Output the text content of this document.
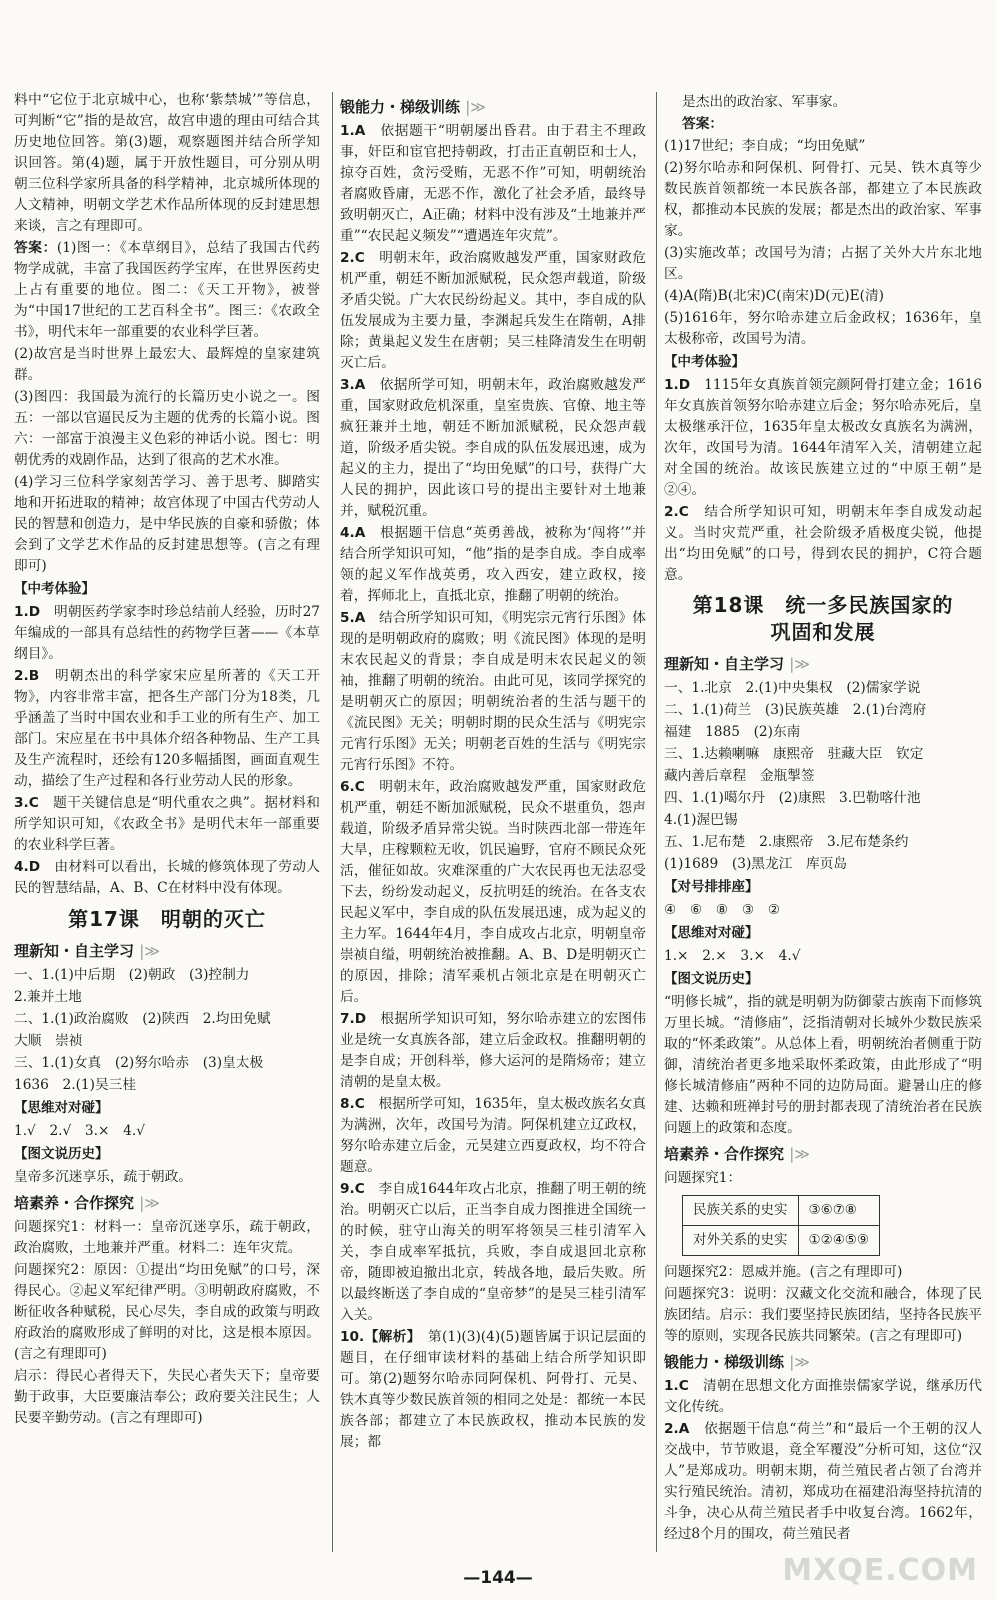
料中“它位于北京城中心，也称‘紫禁城’”等信息，可判断“它”指的是故宫，故宫申遗的理由可结合其历史地位回答。第(3)题，观察题图并结合所学知识回答。第(4)题，属于开放性题目，可分别从明朝三位科学家所具备的科学精神，北京城所体现的人文精神，明朝文学艺术作品所体现的反封建思想来谈，言之有理即可。

答案：(1)图一：《本草纲目》，总结了我国古代药物学成就，丰富了我国医药学宝库，在世界医药史上占有重要的地位。图二：《天工开物》，被誉为“中国17世纪的工艺百科全书”。图三：《农政全书》，明代末年一部重要的农业科学巨著。

(2)故宫是当时世界上最宏大、最辉煌的皇家建筑群。

(3)图四：我国最为流行的长篇历史小说之一。图五：一部以官逼民反为主题的优秀的长篇小说。图六：一部富于浪漫主义色彩的神话小说。图七：明朝优秀的戏剧作品，达到了很高的艺术水准。

(4)学习三位科学家刻苦学习、善于思考、脚踏实地和开拓进取的精神；故宫体现了中国古代劳动人民的智慧和创造力，是中华民族的自豪和骄傲；体会到了文学艺术作品的反封建思想等。(言之有理即可)

【中考体验】

1.D　明朝医药学家李时珍总结前人经验，历时27年编成的一部具有总结性的药物学巨著——《本草纲目》。

2.B　明朝杰出的科学家宋应星所著的《天工开物》，内容非常丰富，把各生产部门分为18类，几乎涵盖了当时中国农业和手工业的所有生产、加工部门。宋应星在书中具体介绍各种物品、生产工具及生产流程时，还绘有120多幅插图，画面直观生动，描绘了生产过程和各行业劳动人民的形象。

3.C　题干关键信息是“明代重农之典”。据材料和所学知识可知，《农政全书》是明代末年一部重要的农业科学巨著。

4.D　由材料可以看出，长城的修筑体现了劳动人民的智慧结晶，A、B、C在材料中没有体现。

第17课　明朝的灭亡
理新知・自主学习 |≫

一、1.(1)中后期　(2)朝政　(3)控制力

2.兼并土地

二、1.(1)政治腐败　(2)陕西　2.均田免赋

大顺　崇祯

三、1.(1)女真　(2)努尔哈赤　(3)皇太极

1636　2.(1)吴三桂

【思维对对碰】

1.√　2.√　3.×　4.√

【图文说历史】

皇帝多沉迷享乐，疏于朝政。

培素养・合作探究 |≫

问题探究1：材料一：皇帝沉迷享乐，疏于朝政，政治腐败，土地兼并严重。材料二：连年灾荒。

问题探究2：原因：①提出“均田免赋”的口号，深得民心。②起义军纪律严明。③明朝政府腐败，不断征收各种赋税，民心尽失，李自成的政策与明政府政治的腐败形成了鲜明的对比，这是根本原因。(言之有理即可)

启示：得民心者得天下，失民心者失天下；皇帝要勤于政事，大臣要廉洁奉公；政府要关注民生；人民要辛勤劳动。(言之有理即可)

锻能力・梯级训练 |≫

1.A　依据题干“明朝屡出昏君。由于君主不理政事，奸臣和宦官把持朝政，打击正直朝臣和士人，掠夺百姓，贪污受贿，无恶不作”可知，明朝统治者腐败昏庸，无恶不作，激化了社会矛盾，最终导致明朝灭亡，A正确；材料中没有涉及“土地兼并严重”“农民起义频发”“遭遇连年灾荒”。

2.C　明朝末年，政治腐败越发严重，国家财政危机严重，朝廷不断加派赋税，民众怨声载道，阶级矛盾尖锐。广大农民纷纷起义。其中，李自成的队伍发展成为主要力量，李渊起兵发生在隋朝，A排除；黄巢起义发生在唐朝；吴三桂降清发生在明朝灭亡后。

3.A　依据所学可知，明朝末年，政治腐败越发严重，国家财政危机深重，皇室贵族、官僚、地主等疯狂兼并土地，朝廷不断加派赋税，民众怨声载道，阶级矛盾尖锐。李自成的队伍发展迅速，成为起义的主力，提出了“均田免赋”的口号，获得广大人民的拥护，因此该口号的提出主要针对土地兼并，赋税沉重。

4.A　根据题干信息“英勇善战，被称为‘闯将’”并结合所学知识可知，“他”指的是李自成。李自成率领的起义军作战英勇，攻入西安，建立政权，接着，挥师北上，直抵北京，推翻了明朝的统治。

5.A　结合所学知识可知，《明宪宗元宵行乐图》体现的是明朝政府的腐败；明《流民图》体现的是明末农民起义的背景；李自成是明末农民起义的领袖，推翻了明朝的统治。由此可见，该同学探究的是明朝灭亡的原因；明朝统治者的生活与题干的《流民图》无关；明朝时期的民众生活与《明宪宗元宵行乐图》无关；明朝老百姓的生活与《明宪宗元宵行乐图》不符。

6.C　明朝末年，政治腐败越发严重，国家财政危机严重，朝廷不断加派赋税，民众不堪重负，怨声载道，阶级矛盾异常尖锐。当时陕西北部一带连年大旱，庄稼颗粒无收，饥民遍野，官府不顾民众死活，催征如故。灾难深重的广大农民再也无法忍受下去，纷纷发动起义，反抗明廷的统治。在各支农民起义军中，李自成的队伍发展迅速，成为起义的主力军。1644年4月，李自成攻占北京，明朝皇帝崇祯自缢，明朝统治被推翻。A、B、D是明朝灭亡的原因，排除；清军乘机占领北京是在明朝灭亡后。

7.D　根据所学知识可知，努尔哈赤建立的宏图伟业是统一女真族各部，建立后金政权。推翻明朝的是李自成；开创科举，修大运河的是隋炀帝；建立清朝的是皇太极。

8.C　根据所学可知，1635年，皇太极改族名女真为满洲，次年，改国号为清。阿保机建立辽政权，努尔哈赤建立后金，元昊建立西夏政权，均不符合题意。

9.C　李自成1644年攻占北京，推翻了明王朝的统治。明朝灭亡以后，正当李自成力图推进全国统一的时候，驻守山海关的明军将领吴三桂引清军入关，李自成率军抵抗，兵败，李自成退回北京称帝，随即被迫撤出北京，转战各地，最后失败。所以最终断送了李自成的“皇帝梦”的是吴三桂引清军入关。

10.【解析】　第(1)(3)(4)(5)题皆属于识记层面的题目，在仔细审读材料的基础上结合所学知识即可。第(2)题努尔哈赤同阿保机、阿骨打、元昊、铁木真等少数民族首领的相同之处是：都统一本民族各部；都建立了本民族政权，推动本民族的发展；都

是杰出的政治家、军事家。

答案：

(1)17世纪；李自成；“均田免赋”

(2)努尔哈赤和阿保机、阿骨打、元昊、铁木真等少数民族首领都统一本民族各部，都建立了本民族政权，都推动本民族的发展；都是杰出的政治家、军事家。

(3)实施改革；改国号为清；占据了关外大片东北地区。

(4)A(隋)B(北宋)C(南宋)D(元)E(清)

(5)1616年，努尔哈赤建立后金政权；1636年，皇太极称帝，改国号为清。

【中考体验】

1.D　1115年女真族首领完颜阿骨打建立金；1616年女真族首领努尔哈赤建立后金；努尔哈赤死后，皇太极继承汗位，1635年皇太极改女真族名为满洲，次年，改国号为清。1644年清军入关，清朝建立起对全国的统治。故该民族建立过的“中原王朝”是②④。

2.C　结合所学知识可知，明朝末年李自成发动起义。当时灾荒严重，社会阶级矛盾极度尖锐，他提出“均田免赋”的口号，得到农民的拥护，C符合题意。

第18课　统一多民族国家的
巩固和发展
理新知・自主学习 |≫

一、1.北京　2.(1)中央集权　(2)儒家学说

二、1.(1)荷兰　(3)民族英雄　2.(1)台湾府

福建　1885　(2)东南

三、1.达赖喇嘛　康熙帝　驻藏大臣　钦定

藏内善后章程　金瓶掣签

四、1.(1)噶尔丹　(2)康熙　3.巴勒喀什池

4.(1)渥巴锡

五、1.尼布楚　2.康熙帝　3.尼布楚条约

(1)1689　(3)黑龙江　库页岛

【对号排排座】

④　⑥　⑧　③　②

【思维对对碰】

1.×　2.×　3.×　4.√

【图文说历史】

“明修长城”，指的就是明朝为防御蒙古族南下而修筑万里长城。“清修庙”，泛指清朝对长城外少数民族采取的“怀柔政策”。从总体上看，明朝统治者侧重于防御，清统治者更多地采取怀柔政策，由此形成了“明修长城清修庙”两种不同的边防局面。避暑山庄的修建、达赖和班禅封号的册封都表现了清统治者在民族问题上的政策和态度。

培素养・合作探究 |≫

问题探究1：

民族关系的史实	③⑥⑦⑧
对外关系的史实	①②④⑤⑨

问题探究2：恩威并施。(言之有理即可)

问题探究3：说明：汉藏文化交流和融合，体现了民族团结。启示：我们要坚持民族团结，坚持各民族平等的原则，实现各民族共同繁荣。(言之有理即可)

锻能力・梯级训练 |≫

1.C　清朝在思想文化方面推崇儒家学说，继承历代文化传统。

2.A　依据题干信息“荷兰”和“最后一个王朝的汉人交战中，节节败退，竟全军覆没”分析可知，这位“汉人”是郑成功。明朝末期，荷兰殖民者占领了台湾并实行殖民统治。清初，郑成功在福建沿海坚持抗清的斗争，决心从荷兰殖民者手中收复台湾。1662年，经过8个月的围攻，荷兰殖民者

—144—	MXQE.COM
